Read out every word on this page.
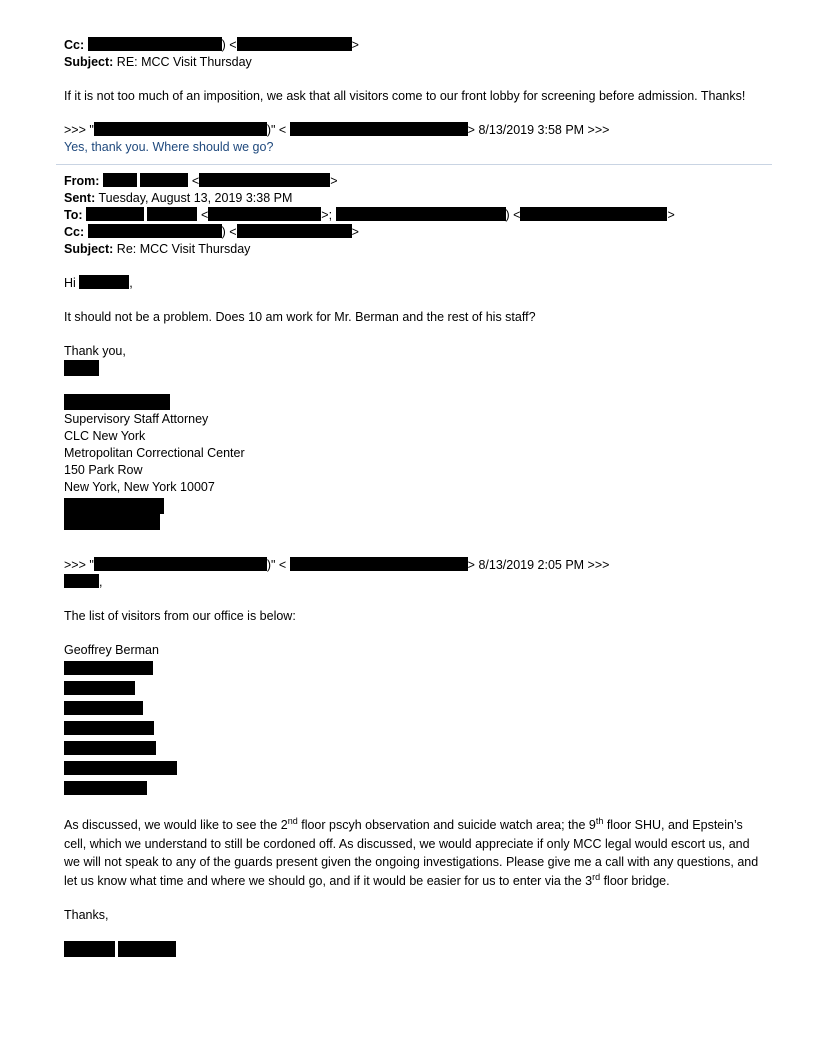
Cc:	) <	>
Subject: RE: MCC Visit Thursday
If it is not too much of an imposition, we ask that all visitors come to our front lobby for screening before admission. Thanks!
>>> "	)" <	> 8/13/2019 3:58 PM >>>
Yes, thank you. Where should we go?
From:	<	>
Sent: Tuesday, August 13, 2019 3:38 PM
To:	<	>;	) <	>
Cc:	) <	>
Subject: Re: MCC Visit Thursday
Hi	,
It should not be a problem. Does 10 am work for Mr. Berman and the rest of his staff?
Thank you,
Supervisory Staff Attorney
CLC New York
Metropolitan Correctional Center
150 Park Row
New York, New York 10007
>>> "	)" <	> 8/13/2019 2:05 PM >>>
,
The list of visitors from our office is below:
Geoffrey Berman
As discussed, we would like to see the 2nd floor pscyh observation and suicide watch area; the 9th floor SHU, and Epstein’s cell, which we understand to still be cordoned off. As discussed, we would appreciate if only MCC legal would escort us, and we will not speak to any of the guards present given the ongoing investigations. Please give me a call with any questions, and let us know what time and where we should go, and if it would be easier for us to enter via the 3rd floor bridge.
Thanks,
